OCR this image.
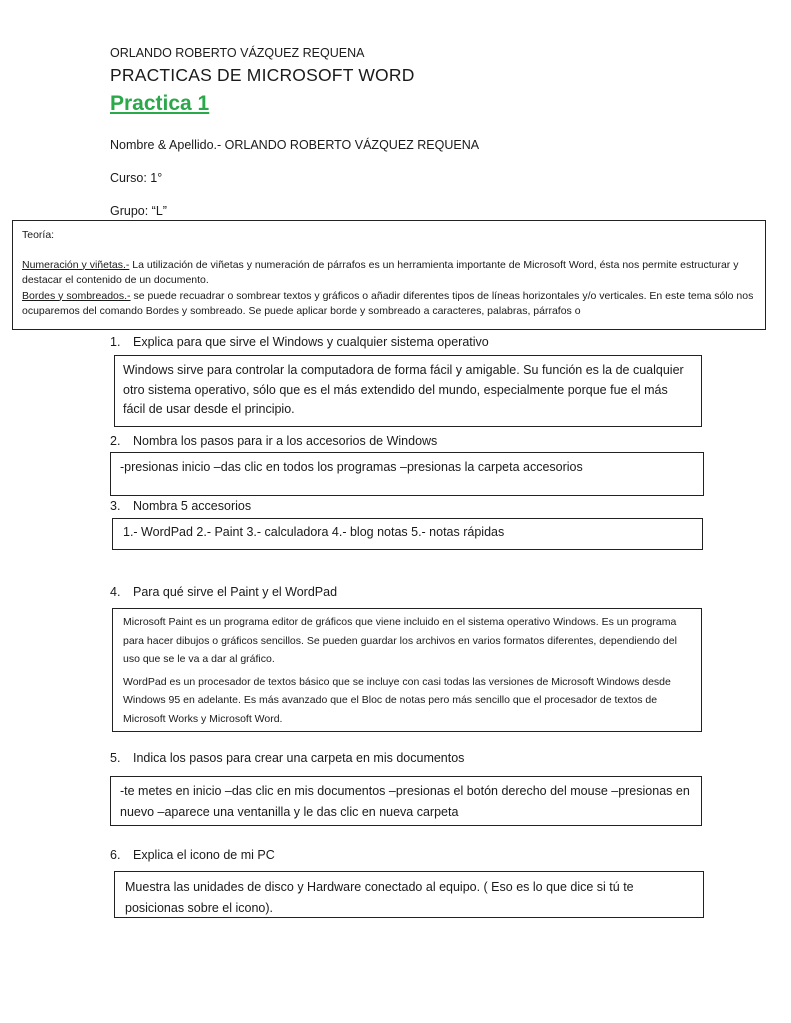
ORLANDO ROBERTO VÁZQUEZ REQUENA
PRACTICAS DE MICROSOFT WORD
Practica 1
Nombre & Apellido.- ORLANDO ROBERTO VÁZQUEZ REQUENA
Curso: 1°
Grupo: “L”

Teoría:

Numeración y viñetas.- La utilización de viñetas y numeración de párrafos es un herramienta importante de Microsoft Word, ésta nos permite estructurar y destacar el contenido de un documento.

Bordes y sombreados.- se puede recuadrar o sombrear textos y gráficos o añadir diferentes tipos de líneas horizontales y/o verticales. En este tema sólo nos ocuparemos del comando Bordes y sombreado. Se puede aplicar borde y sombreado a caracteres, palabras, párrafos o

1. Explica para que sirve el Windows y cualquier sistema operativo
Windows sirve para controlar la computadora de forma fácil y amigable. Su función es la de cualquier otro sistema operativo, sólo que es el más extendido del mundo, especialmente porque fue el más fácil de usar desde el principio.
2. Nombra los pasos para ir a los accesorios de Windows
-presionas inicio –das clic en todos los programas –presionas la carpeta accesorios
3. Nombra 5 accesorios
1.- WordPad 2.- Paint 3.- calculadora 4.- blog notas 5.- notas rápidas
4. Para qué sirve el Paint y el WordPad

Microsoft Paint es un programa editor de gráficos que viene incluido en el sistema operativo Windows. Es un programa para hacer dibujos o gráficos sencillos. Se pueden guardar los archivos en varios formatos diferentes, dependiendo del uso que se le va a dar al gráfico.

WordPad es un procesador de textos básico que se incluye con casi todas las versiones de Microsoft Windows desde Windows 95 en adelante. Es más avanzado que el Bloc de notas pero más sencillo que el procesador de textos de Microsoft Works y Microsoft Word.

5. Indica los pasos para crear una carpeta en mis documentos
-te metes en inicio –das clic en mis documentos –presionas el botón derecho del mouse –presionas en nuevo –aparece una ventanilla y le das clic en nueva carpeta
6. Explica el icono de mi PC
Muestra las unidades de disco y Hardware conectado al equipo. ( Eso es lo que dice si tú te posicionas sobre el icono).
